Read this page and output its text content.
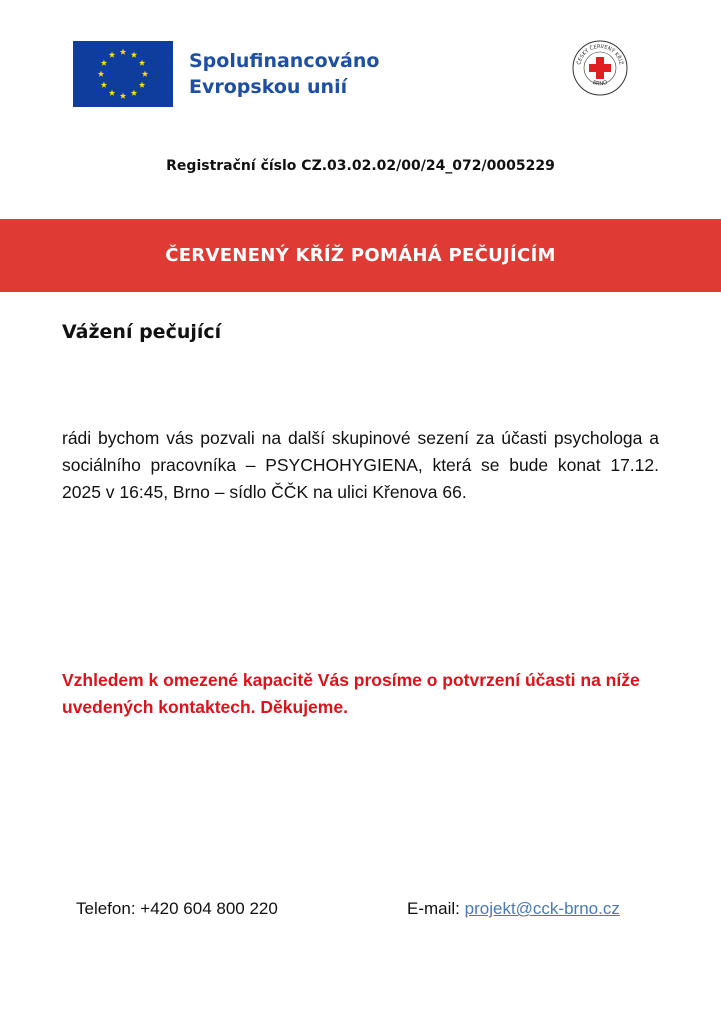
Spolufinancováno
Evropskou unií
ČESKÝ ČERVENÝ KŘÍŽ
BRNO
Registrační číslo CZ.03.02.02/00/24_072/0005229
ČERVENENÝ KŘÍŽ POMÁHÁ PEČUJÍCÍM
Vážení pečující
rádi bychom vás pozvali na další skupinové sezení za účasti psychologa a sociálního pracovníka – PSYCHOHYGIENA, která se bude konat 17.12. 2025 v 16:45, Brno – sídlo ČČK na ulici Křenova 66.
Vzhledem k omezené kapacitě Vás prosíme o potvrzení účasti na níže uvedených kontaktech. Děkujeme.
Telefon: +420 604 800 220	E-mail: projekt@cck-brno.cz
